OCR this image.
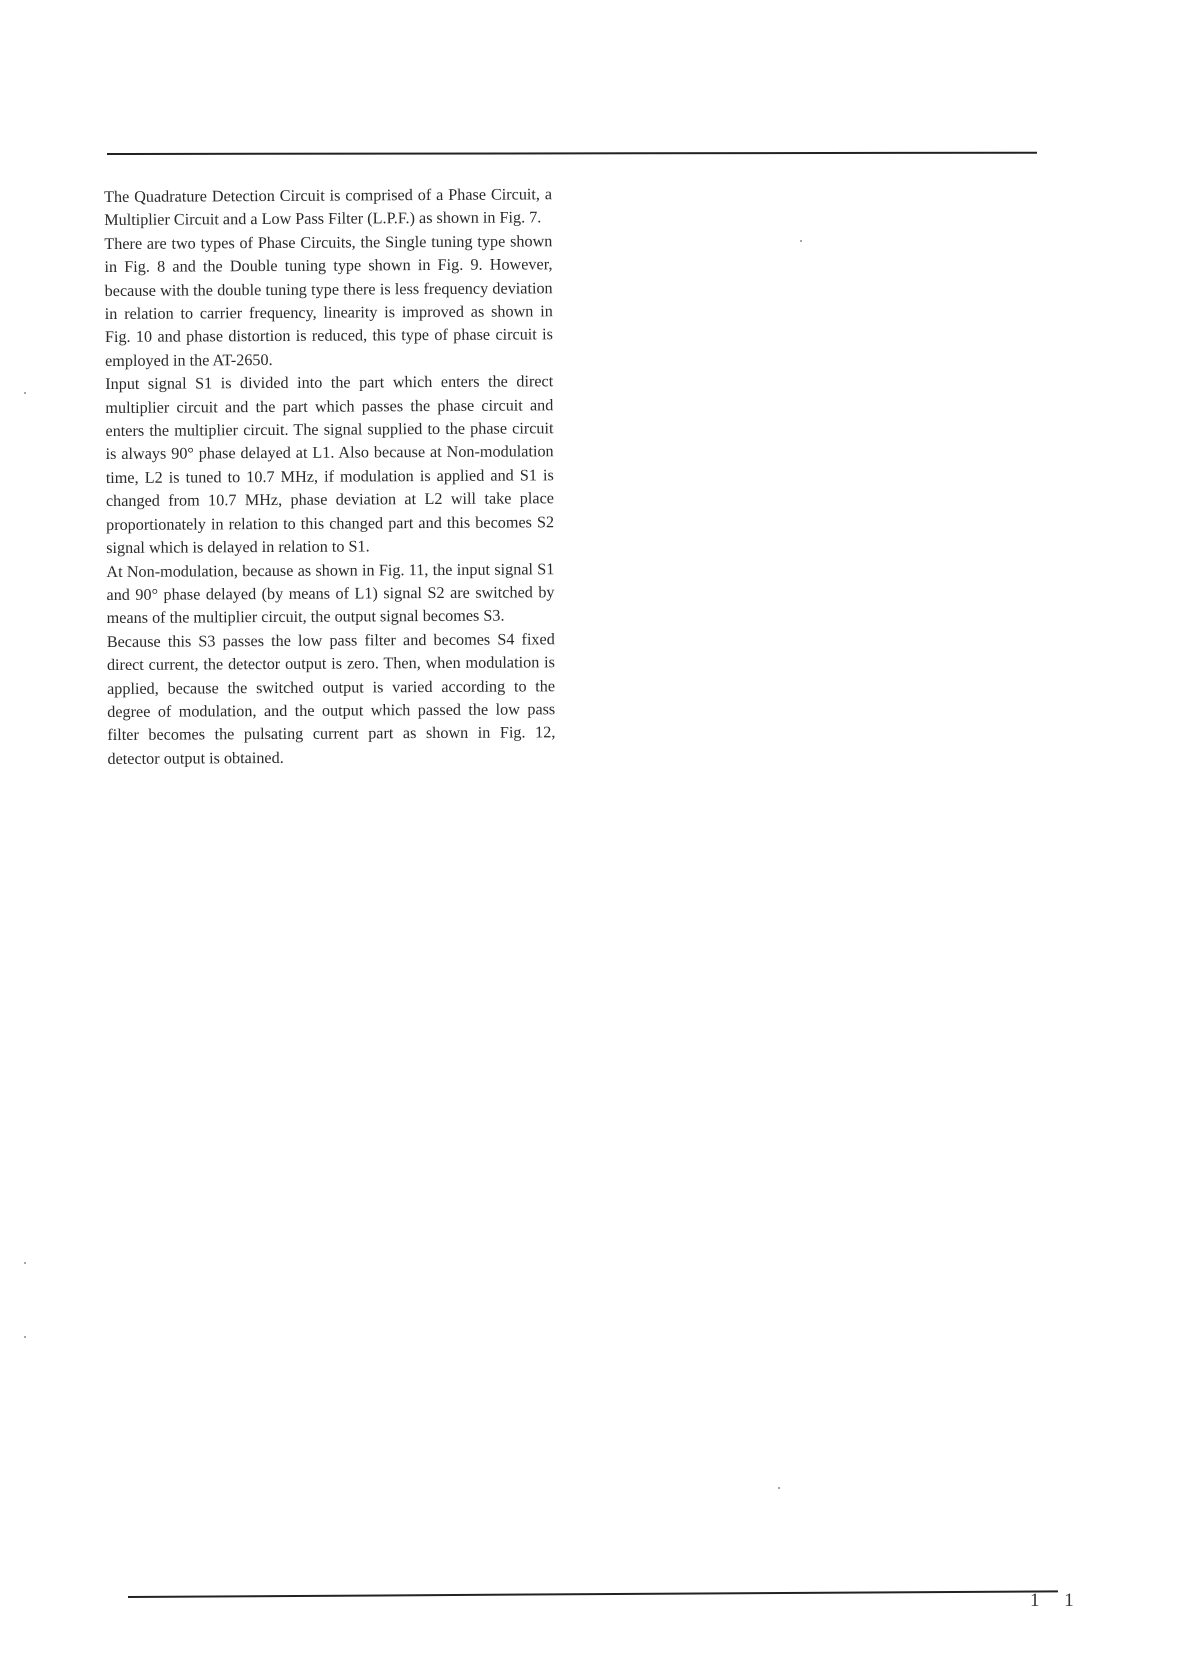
The Quadrature Detection Circuit is comprised of a Phase Circuit, a Multiplier Circuit and a Low Pass Filter (L.P.F.) as shown in Fig. 7.

There are two types of Phase Circuits, the Single tuning type shown in Fig. 8 and the Double tuning type shown in Fig. 9. However, because with the double tuning type there is less frequency deviation in relation to carrier frequency, linearity is improved as shown in Fig. 10 and phase distortion is reduced, this type of phase circuit is employed in the AT-2650.

Input signal S1 is divided into the part which enters the direct multiplier circuit and the part which passes the phase circuit and enters the multiplier circuit. The signal supplied to the phase circuit is always 90° phase delayed at L1. Also because at Non-modulation time, L2 is tuned to 10.7 MHz, if modulation is applied and S1 is changed from 10.7 MHz, phase deviation at L2 will take place proportionately in relation to this changed part and this becomes S2 signal which is delayed in relation to S1.

At Non-modulation, because as shown in Fig. 11, the input signal S1 and 90° phase delayed (by means of L1) signal S2 are switched by means of the multiplier circuit, the output signal becomes S3.

Because this S3 passes the low pass filter and becomes S4 fixed direct current, the detector output is zero. Then, when modulation is applied, because the switched output is varied according to the degree of modulation, and the output which passed the low pass filter becomes the pulsating current part as shown in Fig. 12, detector output is obtained.

1 1
